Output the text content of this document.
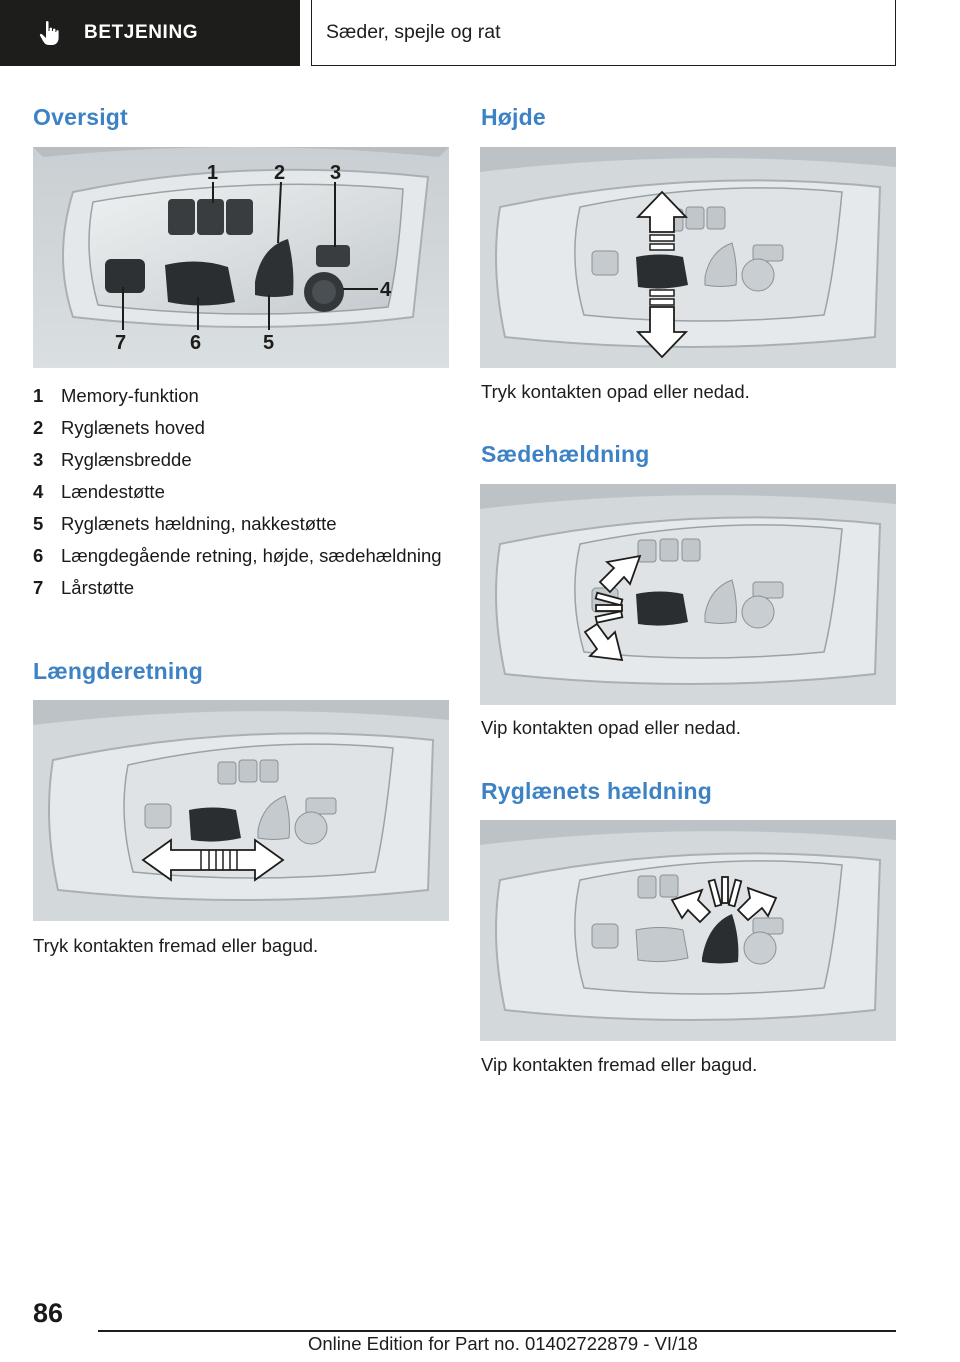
BETJENING	Sæder, spejle og rat
Oversigt
1	2 3
4
5
6
7
1 Memory-funktion
2 Ryglænets hoved
3 Ryglænsbredde
4 Lændestøtte
5 Ryglænets hældning, nakkestøtte
6 Længdegående retning, højde, sædehældning
7 Lårstøtte
Længderetning
Tryk kontakten fremad eller bagud.
Højde
Tryk kontakten opad eller nedad.
Sædehældning
Vip kontakten opad eller nedad.
Ryglænets hældning
Vip kontakten fremad eller bagud.
86
Online Edition for Part no. 01402722879 - VI/18
